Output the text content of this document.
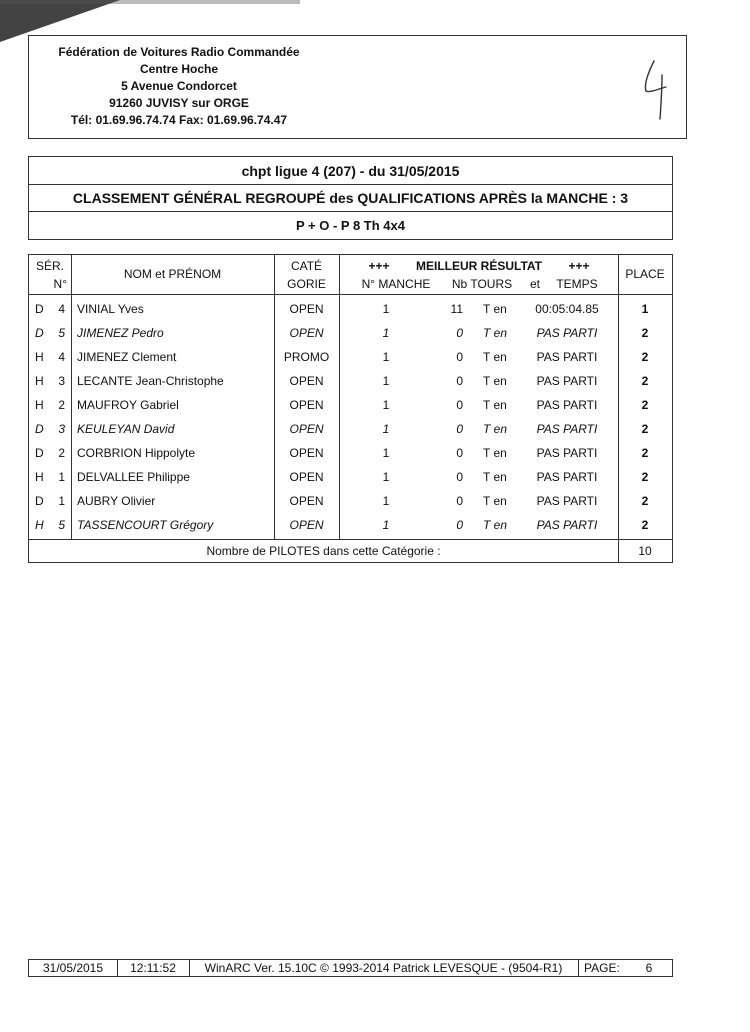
Fédération de Voitures Radio Commandée
Centre Hoche
5 Avenue Condorcet
91260 JUVISY sur ORGE
Tél: 01.69.96.74.74 Fax: 01.69.96.74.47
chpt ligue 4 (207) - du 31/05/2015
CLASSEMENT GÉNÉRAL REGROUPÉ des QUALIFICATIONS APRÈS la MANCHE : 3
P + O - P 8 Th 4x4
SÉR.
N°
NOM et PRÉNOM
CATÉ
GORIE
+++	MEILLEUR RÉSULTAT	+++
N° MANCHE	Nb TOURS	et	TEMPS
PLACE
D	4 VINIAL Yves	OPEN	1	11 T en	00:05:04.85	1
D	5 JIMENEZ Pedro	OPEN	1	0 T en	PAS PARTI	2
H	4 JIMENEZ Clement	PROMO	1	0 T en	PAS PARTI	2
H	3 LECANTE Jean-Christophe	OPEN	1	0 T en	PAS PARTI	2
H	2 MAUFROY Gabriel	OPEN	1	0 T en	PAS PARTI	2
D	3 KEULEYAN David	OPEN	1	0 T en	PAS PARTI	2
D	2 CORBRION Hippolyte	OPEN	1	0 T en	PAS PARTI	2
H	1 DELVALLEE Philippe	OPEN	1	0 T en	PAS PARTI	2
D	1 AUBRY Olivier	OPEN	1	0 T en	PAS PARTI	2
H	5 TASSENCOURT Grégory	OPEN	1	0 T en	PAS PARTI	2
Nombre de PILOTES dans cette Catégorie :	10
31/05/2015	12:11:52	WinARC Ver. 15.10C © 1993-2014 Patrick LEVESQUE - (9504-R1)	PAGE:	6
